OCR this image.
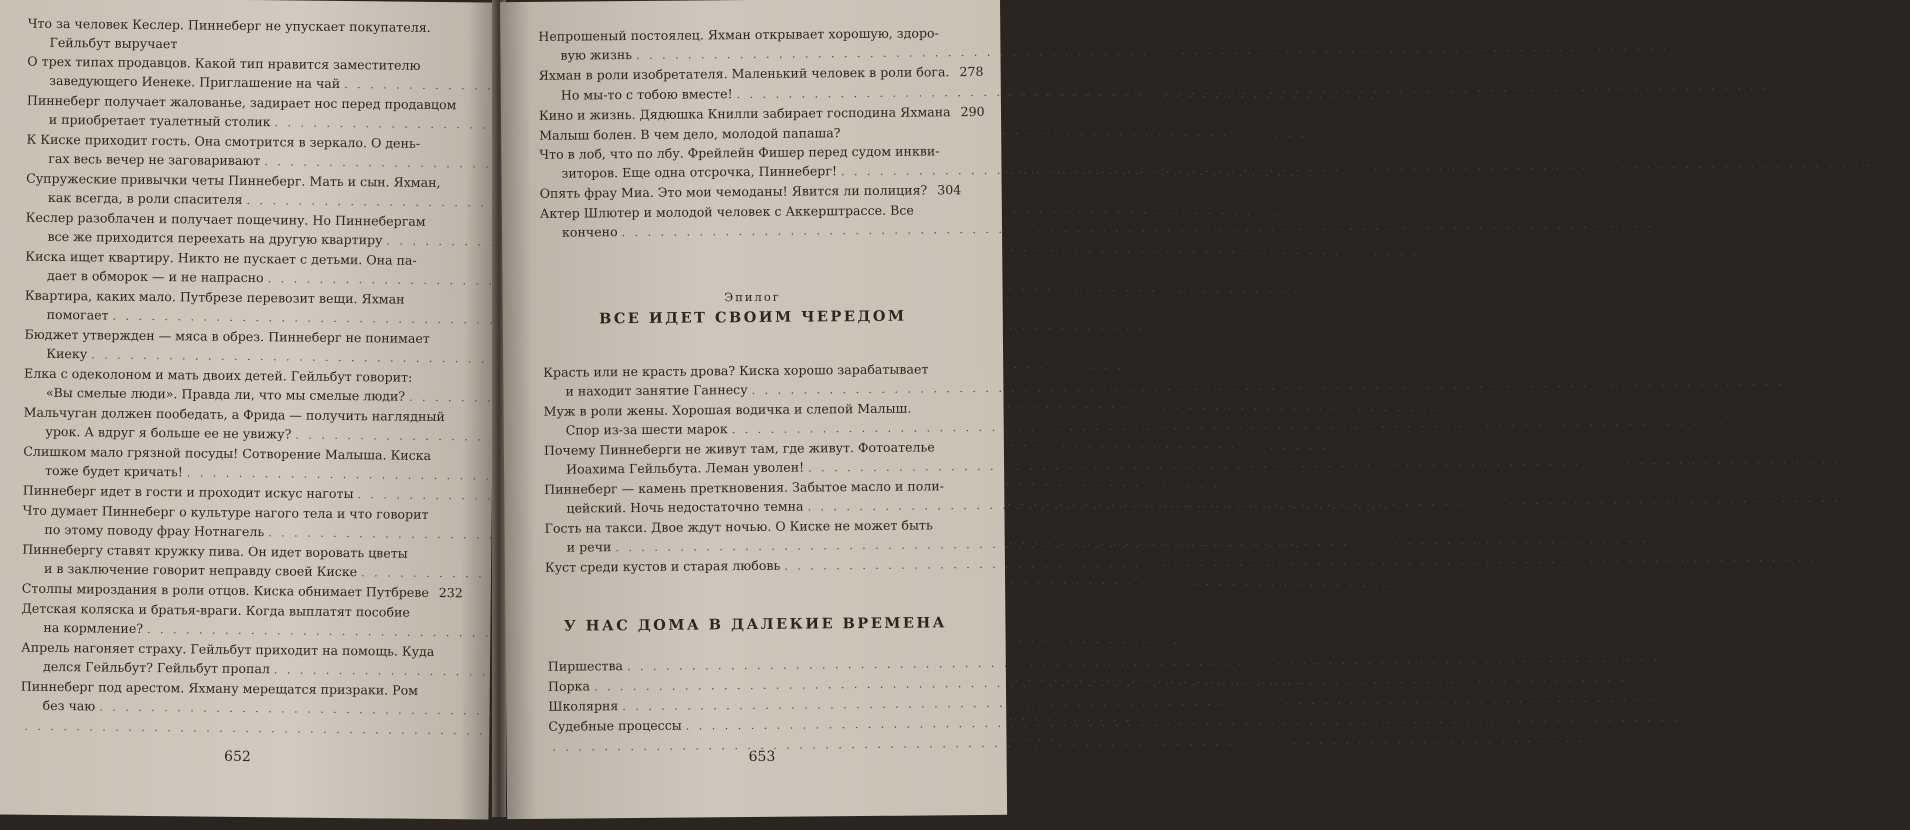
Что за человек Кеслер. Пиннеберг не упускает покупателя.
Гейльбут выручает
О трех типах продавцов. Какой тип нравится заместителю
заведующего Иенеке. Приглашение на чай
. . .
140
Пиннеберг получает жалованье, задирает нос перед продавцом
и приобретает туалетный столик
. . .
148
К Киске приходит гость. Она смотрится в зеркало. О день-
гах весь вечер не заговаривают
. . .
151
Супружеские привычки четы Пиннеберг. Мать и сын. Яхман,
как всегда, в роли спасителя
. . .
157
Кеслер разоблачен и получает пощечину. Но Пиннебергам
все же приходится переехать на другую квартиру
. . .
163
Киска ищет квартиру. Никто не пускает с детьми. Она па-
дает в обморок — и не напрасно
. . .
175
Квартира, каких мало. Путбрезе перевозит вещи. Яхман
помогает
. . .
179
Бюджет утвержден — мяса в обрез. Пиннеберг не понимает
Киеку
. . .
184
Елка с одеколоном и мать двоих детей. Гейльбут говорит:
«Вы смелые люди». Правда ли, что мы смелые люди?
. . .
190
Мальчуган должен пообедать, а Фрида — получить наглядный
урок. А вдруг я больше ее не увижу?
. . .
200
Слишком мало грязной посуды! Сотворение Малыша. Киска
тоже будет кричать!
. . .
206
Пиннеберг идет в гости и проходит искус наготы
. . .
214
Что думает Пиннеберг о культуре нагого тела и что говорит
по этому поводу фрау Нотнагель
. . .
219
Пиннебергу ставят кружку пива. Он идет воровать цветы
и в заключение говорит неправду своей Киске
. . .
224
Столпы мироздания в роли отцов. Киска обнимает Путбреве . . . 232
Детская коляска и братья-враги. Когда выплатят пособие
на кормление?
. . .
237
Апрель нагоняет страху. Гейльбут приходит на помощь. Куда
делся Гейльбут? Гейльбут пропал
. . .
248
Пиннеберг под арестом. Яхману мерещатся призраки. Ром
без чаю
. . .
260
. . .
268
652
Непрошеный постоялец. Яхман открывает хорошую, здоро-
вую жизнь
. . .
275
Яхман в роли изобретателя. Маленький человек в роли бога. . . . 278
Но мы-то с тобою вместе!
. . .
286
Кино и жизнь. Дядюшка Книлли забирает господина Яхмана . . . 290
Малыш болен. В чем дело, молодой папаша?
Что в лоб, что по лбу. Фрейлейн Фишер перед судом инкви-
зиторов. Еще одна отсрочка, Пиннеберг!
. . .
298
Опять фрау Миа. Это мои чемоданы! Явится ли полиция? . . . 304
Актер Шлютер и молодой человек с Аккерштрассе. Все
кончено
. . .
310
Эпилог
ВСЕ ИДЕТ СВОИМ ЧЕРЕДОМ
Красть или не красть дрова? Киска хорошо зарабатывает
и находит занятие Ганнесу
. . .
317
Муж в роли жены. Хорошая водичка и слепой Малыш.
Спор из-за шести марок
. . .
322
Почему Пиннеберги не живут там, где живут. Фотоателье
Иоахима Гейльбута. Леман уволен!
. . .
328
Пиннеберг — камень преткновения. Забытое масло и поли-
цейский. Ночь недостаточно темна
. . .
338
Гость на такси. Двое ждут ночью. О Киске не может быть
и речи
. . .
343
Куст среди кустов и старая любовь
. . .
349
У НАС ДОМА В ДАЛЕКИЕ ВРЕМЕНА
Пиршества
. . .
356
Порка
. . .
376
Школярня
. . .
382
Судебные процессы
. . .
403
. . .
415
653
